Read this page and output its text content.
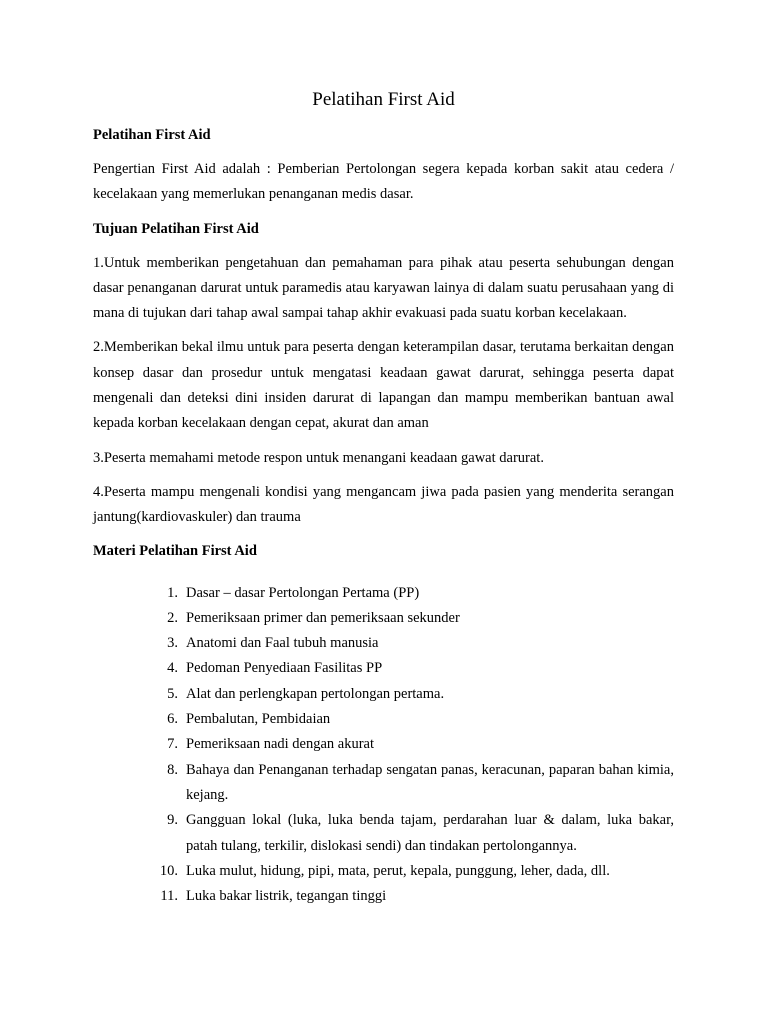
Pelatihan First Aid
Pelatihan First Aid

Pengertian First Aid adalah : Pemberian Pertolongan segera kepada korban sakit atau cedera / kecelakaan yang memerlukan penanganan medis dasar.

Tujuan Pelatihan First Aid

1.Untuk memberikan pengetahuan dan pemahaman para pihak atau peserta sehubungan dengan dasar penanganan darurat untuk paramedis atau karyawan lainya di dalam suatu perusahaan yang di mana di tujukan dari tahap awal sampai tahap akhir evakuasi pada suatu korban kecelakaan.

2.Memberikan bekal ilmu untuk para peserta dengan keterampilan dasar, terutama berkaitan dengan konsep dasar dan prosedur untuk mengatasi keadaan gawat darurat, sehingga peserta dapat mengenali dan deteksi dini insiden darurat di lapangan dan mampu memberikan bantuan awal kepada korban kecelakaan dengan cepat, akurat dan aman

3.Peserta memahami metode respon untuk menangani keadaan gawat darurat.

4.Peserta mampu mengenali kondisi yang mengancam jiwa pada pasien yang menderita serangan jantung(kardiovaskuler) dan trauma

Materi Pelatihan First Aid
1. Dasar – dasar Pertolongan Pertama (PP)
2. Pemeriksaan primer dan pemeriksaan sekunder
3. Anatomi dan Faal tubuh manusia
4. Pedoman Penyediaan Fasilitas PP
5. Alat dan perlengkapan pertolongan pertama.
6. Pembalutan, Pembidaian
7. Pemeriksaan nadi dengan akurat
8. Bahaya dan Penanganan terhadap sengatan panas, keracunan, paparan bahan kimia, kejang.
9. Gangguan lokal (luka, luka benda tajam, perdarahan luar & dalam, luka bakar, patah tulang, terkilir, dislokasi sendi) dan tindakan pertolongannya.
10. Luka mulut, hidung, pipi, mata, perut, kepala, punggung, leher, dada, dll.
11. Luka bakar listrik, tegangan tinggi
